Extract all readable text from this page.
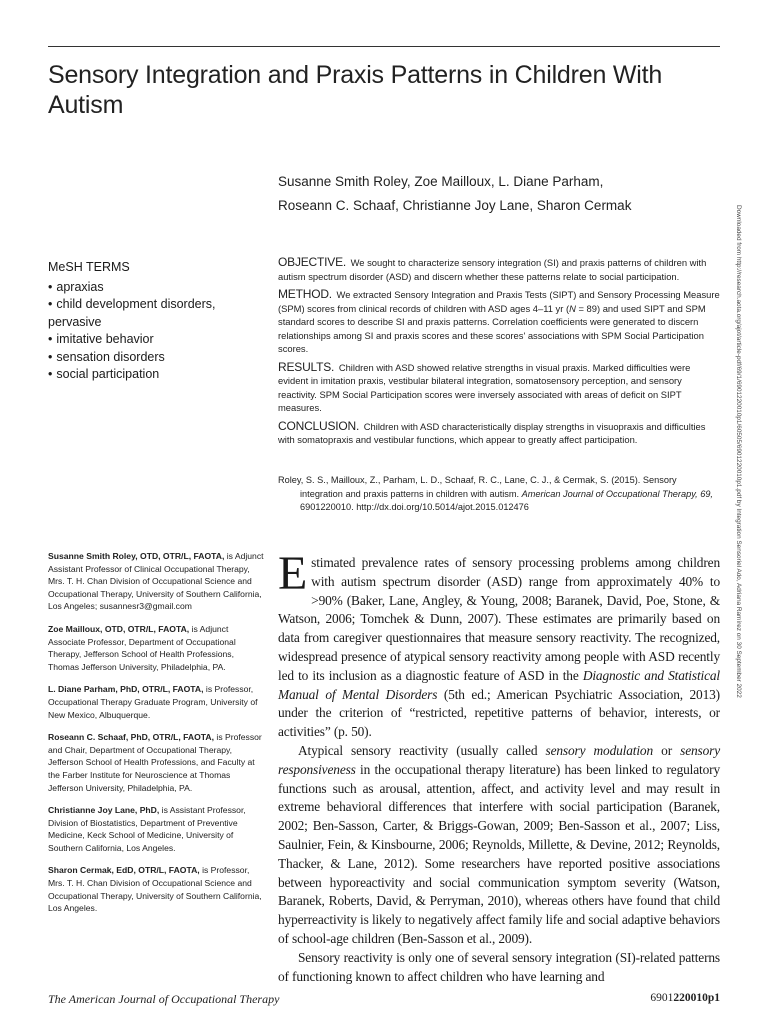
Sensory Integration and Praxis Patterns in Children With Autism
Susanne Smith Roley, Zoe Mailloux, L. Diane Parham,
Roseann C. Schaaf, Christianne Joy Lane, Sharon Cermak
MeSH TERMS
• apraxias
• child development disorders, pervasive
• imitative behavior
• sensation disorders
• social participation

OBJECTIVE. We sought to characterize sensory integration (SI) and praxis patterns of children with autism spectrum disorder (ASD) and discern whether these patterns relate to social participation.

METHOD. We extracted Sensory Integration and Praxis Tests (SIPT) and Sensory Processing Measure (SPM) scores from clinical records of children with ASD ages 4–11 yr (N = 89) and used SIPT and SPM standard scores to describe SI and praxis patterns. Correlation coefficients were generated to discern relationships among SI and praxis scores and these scores' associations with SPM Social Participation scores.

RESULTS. Children with ASD showed relative strengths in visual praxis. Marked difficulties were evident in imitation praxis, vestibular bilateral integration, somatosensory perception, and sensory reactivity. SPM Social Participation scores were inversely associated with areas of deficit on SIPT measures.

CONCLUSION. Children with ASD characteristically display strengths in visuopraxis and difficulties with somatopraxis and vestibular functions, which appear to greatly affect participation.

Roley, S. S., Mailloux, Z., Parham, L. D., Schaaf, R. C., Lane, C. J., & Cermak, S. (2015). Sensory integration and praxis patterns in children with autism. American Journal of Occupational Therapy, 69, 6901220010. http://dx.doi.org/10.5014/ajot.2015.012476	Downloaded from http://research.aota.org/ajot/article-pdf/69/1/6901220010p1/60505/6901220010p1.pdf by Integration Sensoriel Ado, Adriana Ramírez on 30 September 2022

Susanne Smith Roley, OTD, OTR/L, FAOTA, is Adjunct Assistant Professor of Clinical Occupational Therapy, Mrs. T. H. Chan Division of Occupational Science and Occupational Therapy, University of Southern California, Los Angeles; susannesr3@gmail.com

Zoe Mailloux, OTD, OTR/L, FAOTA, is Adjunct Associate Professor, Department of Occupational Therapy, Jefferson School of Health Professions, Thomas Jefferson University, Philadelphia, PA.

L. Diane Parham, PhD, OTR/L, FAOTA, is Professor, Occupational Therapy Graduate Program, University of New Mexico, Albuquerque.

Roseann C. Schaaf, PhD, OTR/L, FAOTA, is Professor and Chair, Department of Occupational Therapy, Jefferson School of Health Professions, and Faculty at the Farber Institute for Neuroscience at Thomas Jefferson University, Philadelphia, PA.

Christianne Joy Lane, PhD, is Assistant Professor, Division of Biostatistics, Department of Preventive Medicine, Keck School of Medicine, University of Southern California, Los Angeles.

Sharon Cermak, EdD, OTR/L, FAOTA, is Professor, Mrs. T. H. Chan Division of Occupational Science and Occupational Therapy, University of Southern California, Los Angeles.

Estimated prevalence rates of sensory processing problems among children with autism spectrum disorder (ASD) range from approximately 40% to >90% (Baker, Lane, Angley, & Young, 2008; Baranek, David, Poe, Stone, & Watson, 2006; Tomchek & Dunn, 2007). These estimates are primarily based on data from caregiver questionnaires that measure sensory reactivity. The recognized, widespread presence of atypical sensory reactivity among people with ASD recently led to its inclusion as a diagnostic feature of ASD in the Diagnostic and Statistical Manual of Mental Disorders (5th ed.; American Psychiatric Association, 2013) under the criterion of “restricted, repetitive patterns of behavior, interests, or activities” (p. 50).

Atypical sensory reactivity (usually called sensory modulation or sensory responsiveness in the occupational therapy literature) has been linked to regulatory functions such as arousal, attention, affect, and activity level and may result in extreme behavioral differences that interfere with social participation (Baranek, 2002; Ben-Sasson, Carter, & Briggs-Gowan, 2009; Ben-Sasson et al., 2007; Liss, Saulnier, Fein, & Kinsbourne, 2006; Reynolds, Millette, & Devine, 2012; Reynolds, Thacker, & Lane, 2012). Some researchers have reported positive associations between hyporeactivity and social communication symptom severity (Watson, Baranek, Roberts, David, & Perryman, 2010), whereas others have found that child hyperreactivity is likely to negatively affect family life and social adaptive behaviors of school-age children (Ben-Sasson et al., 2009).

Sensory reactivity is only one of several sensory integration (SI)-related patterns of functioning known to affect children who have learning and

The American Journal of Occupational Therapy	6901220010p1
